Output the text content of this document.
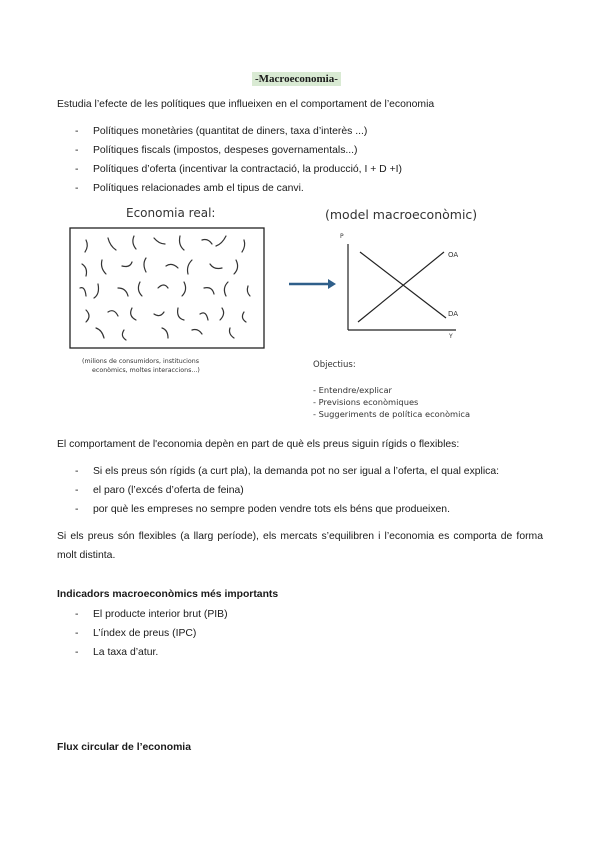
-Macroeconomia-
Estudia l’efecte de les polítiques que influeixen en el comportament de l’economia
- Polítiques monetàries (quantitat de diners, taxa d’interès ...)
- Polítiques fiscals (impostos, despeses governamentals...)
- Polítiques d’oferta (incentivar la contractació, la producció, I + D +I)
- Polítiques relacionades amb el tipus de canvi.
Economia real:	(model macroeconòmic)
P
Y
OA
DA
(milions de consumidors, institucions
econòmics, moltes interaccions...)
Objectius:
- Entendre/explicar
- Previsions econòmiques
- Suggeriments de política econòmica
El comportament de l'economia depèn en part de què els preus siguin rígids o flexibles:
- Si els preus són rígids (a curt pla), la demanda pot no ser igual a l’oferta, el qual explica:
- el paro (l’excés d’oferta de feina)
- por què les empreses no sempre poden vendre tots els béns que produeixen.
Si els preus són flexibles (a llarg període), els mercats s’equilibren i l’economia es comporta de forma molt distinta.
Indicadors macroeconòmics més importants
- El producte interior brut (PIB)
- L’índex de preus (IPC)
- La taxa d’atur.
Flux circular de l’economia
